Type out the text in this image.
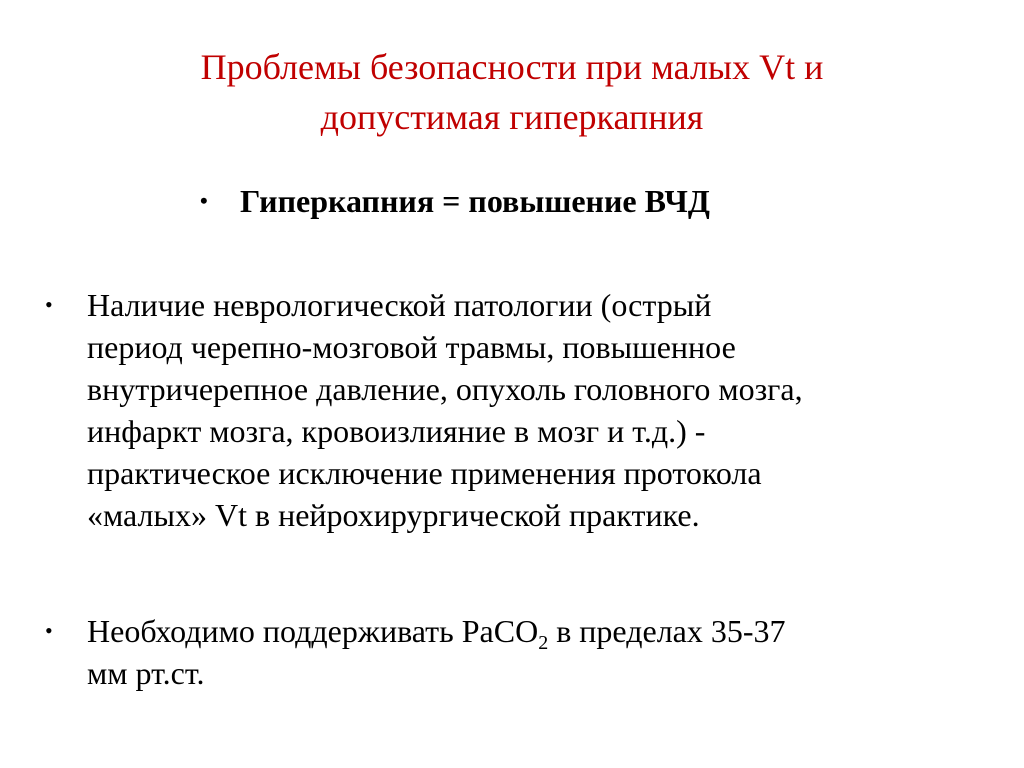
Проблемы безопасности при малых Vt и
допустимая гиперкапния
• Гиперкапния = повышение ВЧД
• Наличие неврологической патологии (острый
период черепно-мозговой травмы, повышенное
внутричерепное давление, опухоль головного мозга,
инфаркт мозга, кровоизлияние в мозг и т.д.) -
практическое исключение применения протокола
«малых» Vt в нейрохирургической практике.
• Необходимо поддерживать PaCO$_2$ в пределах 35-37
мм рт.ст.
